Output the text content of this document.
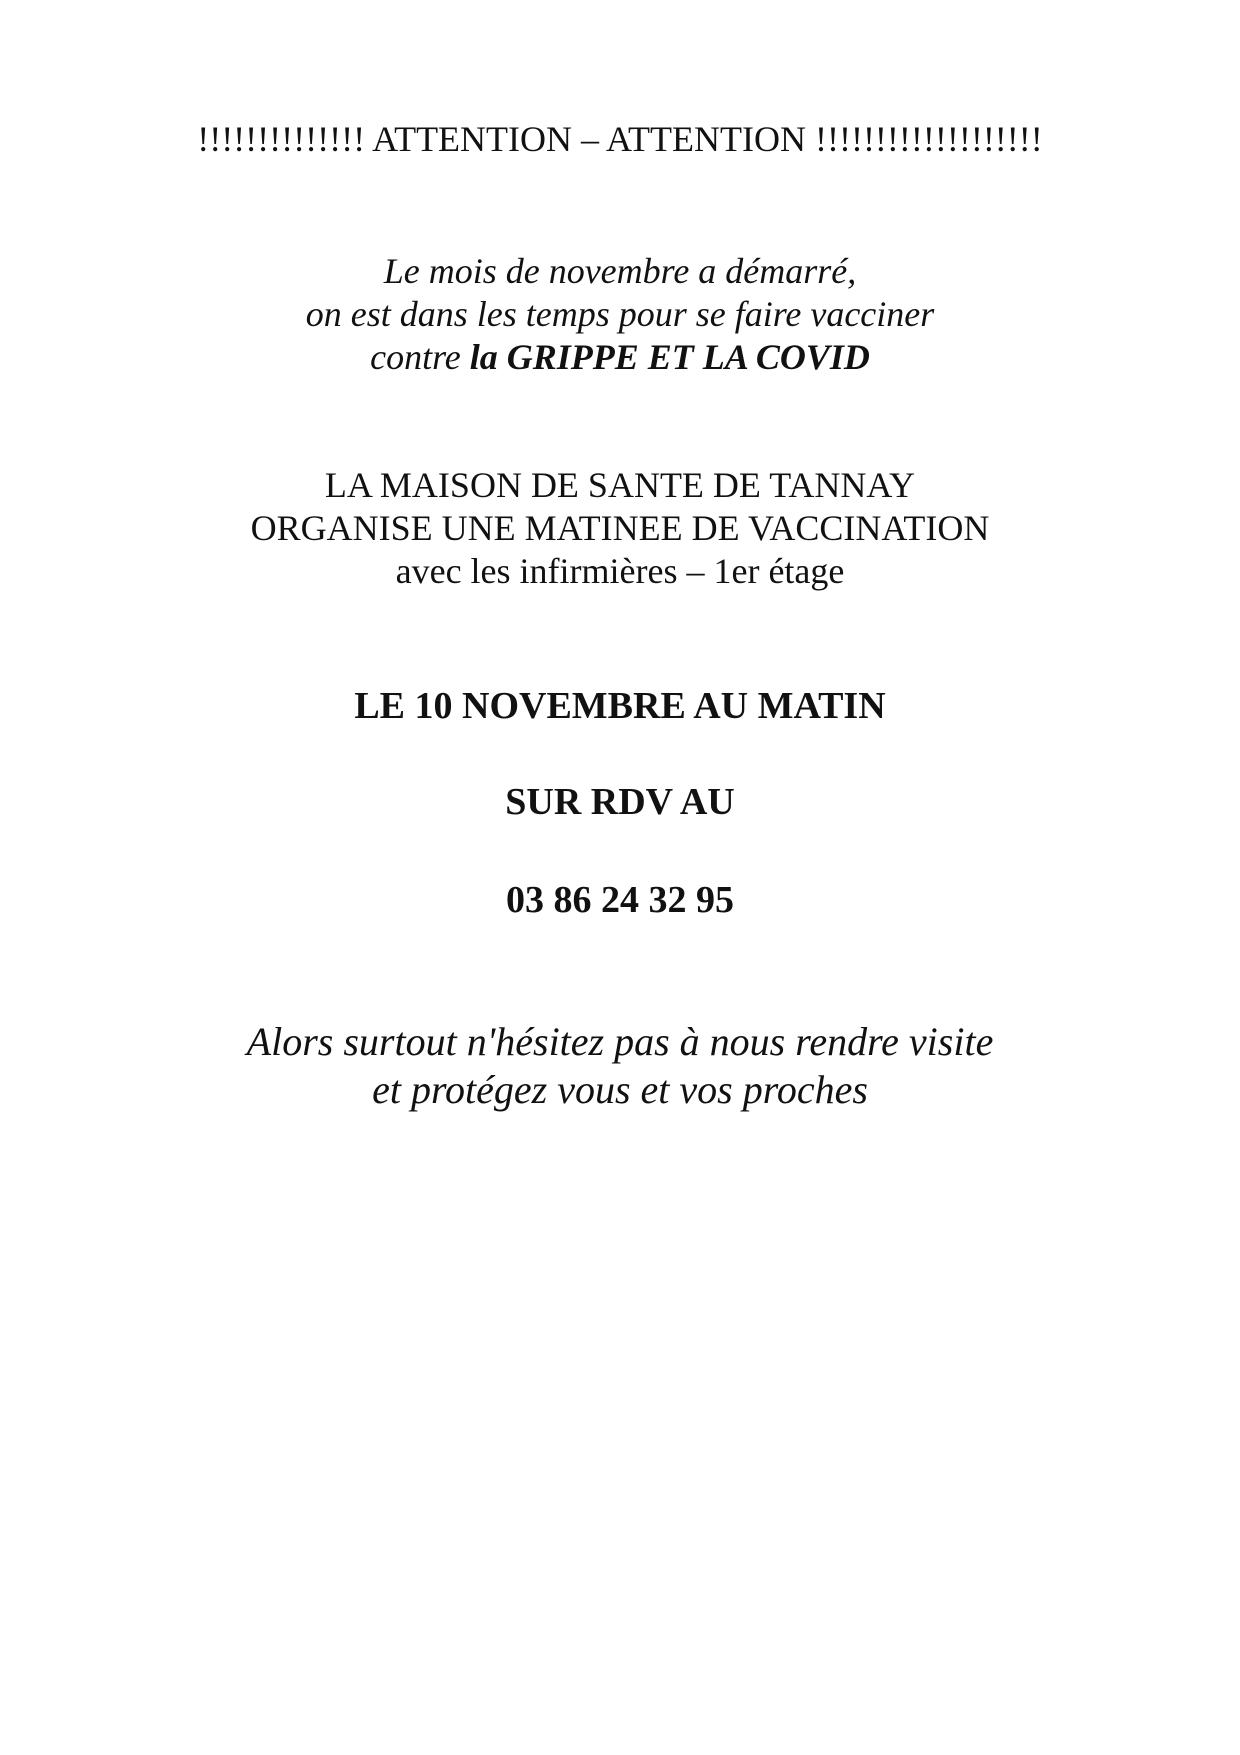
!!!!!!!!!!!!!! ATTENTION – ATTENTION !!!!!!!!!!!!!!!!!!!
Le mois de novembre a démarré,
on est dans les temps pour se faire vacciner
contre la GRIPPE ET LA COVID
LA MAISON DE SANTE DE TANNAY
ORGANISE UNE MATINEE DE VACCINATION
avec les infirmières – 1er étage
LE 10 NOVEMBRE AU MATIN
SUR RDV AU
03 86 24 32 95
Alors surtout n'hésitez pas à nous rendre visite
et protégez vous et vos proches
